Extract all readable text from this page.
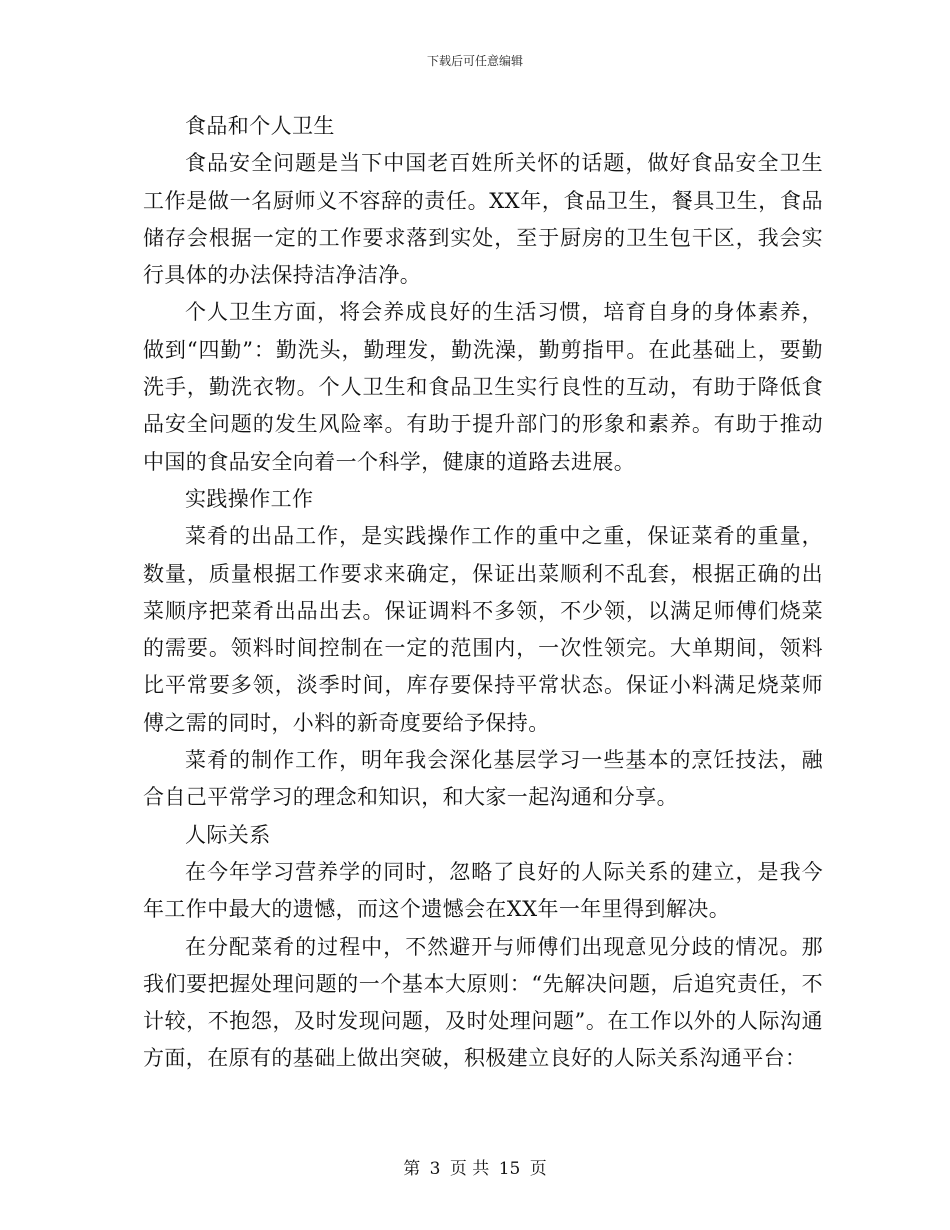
下载后可任意编辑
食品和个人卫生

食品安全问题是当下中国老百姓所关怀的话题，做好食品安全卫生工作是做一名厨师义不容辞的责任。XX年，食品卫生，餐具卫生，食品储存会根据一定的工作要求落到实处，至于厨房的卫生包干区，我会实行具体的办法保持洁净洁净。

个人卫生方面，将会养成良好的生活习惯，培育自身的身体素养，做到“四勤”：勤洗头，勤理发，勤洗澡，勤剪指甲。在此基础上，要勤洗手，勤洗衣物。个人卫生和食品卫生实行良性的互动，有助于降低食品安全问题的发生风险率。有助于提升部门的形象和素养。有助于推动中国的食品安全向着一个科学，健康的道路去进展。

实践操作工作

菜肴的出品工作，是实践操作工作的重中之重，保证菜肴的重量，数量，质量根据工作要求来确定，保证出菜顺利不乱套，根据正确的出菜顺序把菜肴出品出去。保证调料不多领，不少领，以满足师傅们烧菜的需要。领料时间控制在一定的范围内，一次性领完。大单期间，领料比平常要多领，淡季时间，库存要保持平常状态。保证小料满足烧菜师傅之需的同时，小料的新奇度要给予保持。

菜肴的制作工作，明年我会深化基层学习一些基本的烹饪技法，融合自己平常学习的理念和知识，和大家一起沟通和分享。

人际关系

在今年学习营养学的同时，忽略了良好的人际关系的建立，是我今年工作中最大的遗憾，而这个遗憾会在XX年一年里得到解决。

在分配菜肴的过程中，不然避开与师傅们出现意见分歧的情况。那我们要把握处理问题的一个基本大原则：“先解决问题，后追究责任，不计较，不抱怨，及时发现问题，及时处理问题”。在工作以外的人际沟通方面，在原有的基础上做出突破，积极建立良好的人际关系沟通平台：

第 3 页 共 15 页
